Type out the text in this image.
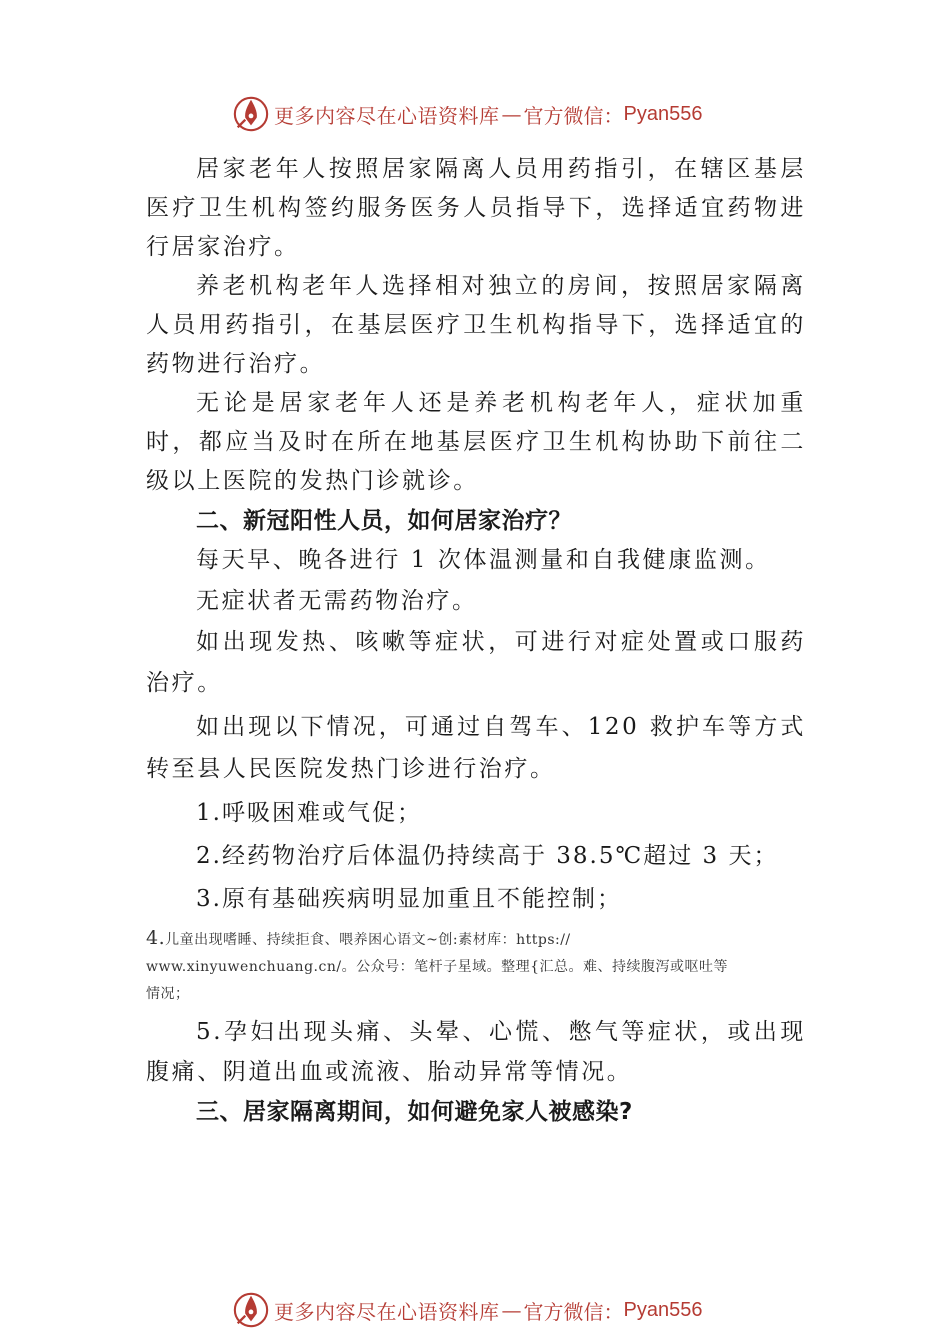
更多内容尽在心语资料库 — 官方微信： Pyan556

居家老年人按照居家隔离人员用药指引，在辖区基层医疗卫生机构签约服务医务人员指导下，选择适宜药物进行居家治疗。

养老机构老年人选择相对独立的房间，按照居家隔离人员用药指引，在基层医疗卫生机构指导下，选择适宜的药物进行治疗。

无论是居家老年人还是养老机构老年人，症状加重时，都应当及时在所在地基层医疗卫生机构协助下前往二级以上医院的发热门诊就诊。

二、新冠阳性人员，如何居家治疗？

每天早、晚各进行 1 次体温测量和自我健康监测。

无症状者无需药物治疗。

如出现发热、咳嗽等症状，可进行对症处置或口服药治疗。

如出现以下情况，可通过自驾车、120 救护车等方式转至县人民医院发热门诊进行治疗。

1.呼吸困难或气促；

2.经药物治疗后体温仍持续高于 38.5℃超过 3 天；

3.原有基础疾病明显加重且不能控制；

4.儿童出现嗜睡、持续拒食、喂养困心语文~创:素材库：https://
www.xinyuwenchuang.cn/。公众号：笔杆子星域。整理{汇总。难、持续腹泻或呕吐等
情况；

5.孕妇出现头痛、头晕、心慌、憋气等症状，或出现腹痛、阴道出血或流液、胎动异常等情况。

三、居家隔离期间，如何避免家人被感染?

更多内容尽在心语资料库 — 官方微信： Pyan556
